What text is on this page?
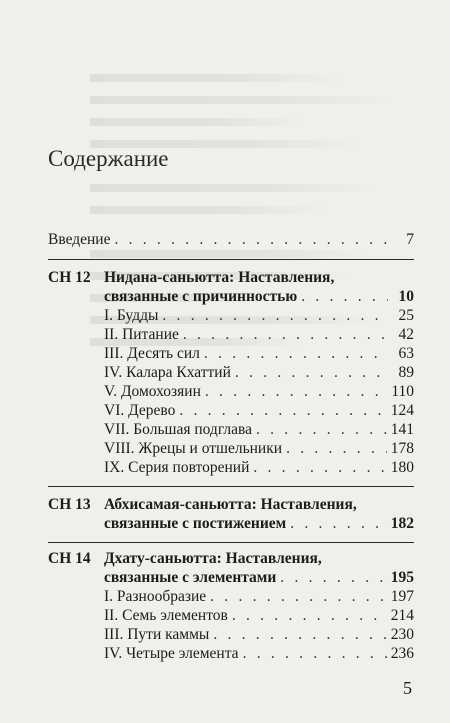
Содержание
Введение . . .	7
СН 12 Нидана-саньютта: Наставления,
связанные с причинностью . . .	10
I. Будды . . .	25
II. Питание . . .	42
III. Десять сил . . .	63
IV. Калара Кхаттий . . .	89
V. Домохозяин . . .	110
VI. Дерево . . .	124
VII. Большая подглава . . .	141
VIII. Жрецы и отшельники . . .	178
IX. Серия повторений . . .	180
СН 13 Абхисамая-саньютта: Наставления,
связанные с постижением . . .	182
СН 14 Дхату-саньютта: Наставления,
связанные с элементами . . .	195
I. Разнообразие . . .	197
II. Семь элементов . . .	214
III. Пути каммы . . .	230
IV. Четыре элемента . . .	236
5
